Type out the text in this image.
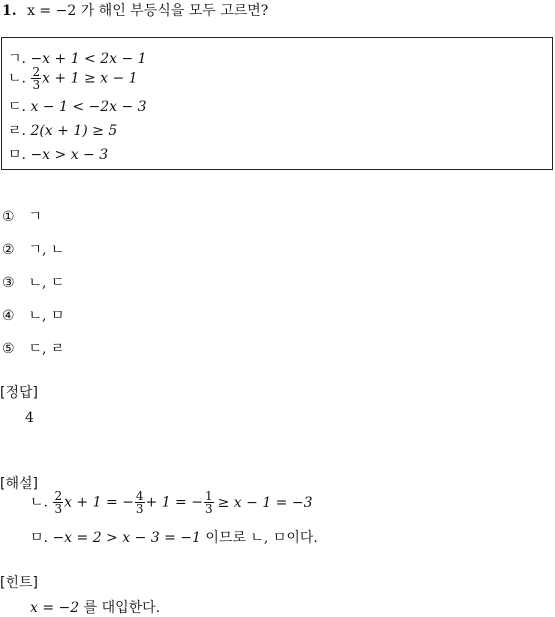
1. x = −2 가 해인 부등식을 모두 고르면?
ㄱ. −x + 1 < 2x − 1
ㄴ. $\frac{2}{3}$ x + 1 ≥ x − 1
ㄷ. x − 1 < −2x − 3
ㄹ. 2(x + 1) ≥ 5
ㅁ. −x > x − 3
① ㄱ
② ㄱ, ㄴ
③ ㄴ, ㄷ
④ ㄴ, ㅁ
⑤ ㄷ, ㄹ
[정답]
4
[해설]
ㄴ. $\frac{2}{3}$ x + 1 = − $\frac{4}{3} + 1$ = − $\frac{1}{3} \ge x - 1 = -3$
ㅁ. −x = 2 > x − 3 = −1 이므로 ㄴ, ㅁ이다.
[힌트]
x = −2 를 대입한다.
